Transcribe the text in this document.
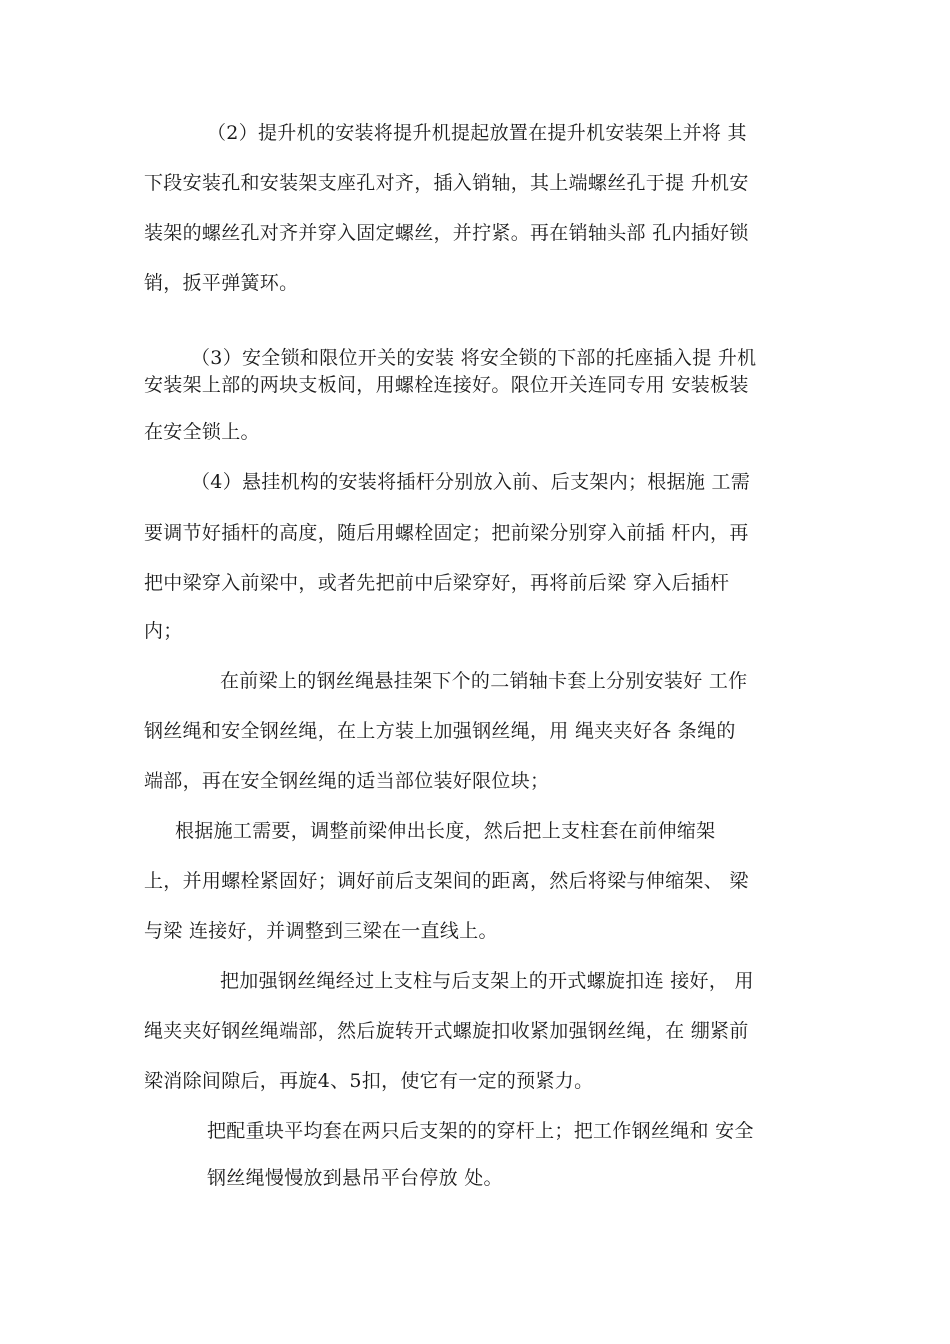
（2）提升机的安装将提升机提起放置在提升机安装架上并将 其
下段安装孔和安装架支座孔对齐，插入销轴，其上端螺丝孔于提 升机安
装架的螺丝孔对齐并穿入固定螺丝，并拧紧。再在销轴头部 孔内插好锁
销，扳平弹簧环。
（3）安全锁和限位开关的安装 将安全锁的下部的托座插入提 升机
安装架上部的两块支板间，用螺栓连接好。限位开关连同专用 安装板装
在安全锁上。
（4）悬挂机构的安装将插杆分别放入前、后支架内；根据施 工需
要调节好插杆的高度，随后用螺栓固定；把前梁分别穿入前插 杆内，再
把中梁穿入前梁中，或者先把前中后梁穿好，再将前后梁 穿入后插杆
内；
在前梁上的钢丝绳悬挂架下个的二销轴卡套上分别安装好 工作
钢丝绳和安全钢丝绳，在上方装上加强钢丝绳，用 绳夹夹好各 条绳的
端部，再在安全钢丝绳的适当部位装好限位块；
根据施工需要，调整前梁伸出长度，然后把上支柱套在前伸缩架
上，并用螺栓紧固好；调好前后支架间的距离，然后将梁与伸缩架、 梁
与梁 连接好，并调整到三梁在一直线上。
把加强钢丝绳经过上支柱与后支架上的开式螺旋扣连 接好， 用
绳夹夹好钢丝绳端部，然后旋转开式螺旋扣收紧加强钢丝绳，在 绷紧前
梁消除间隙后，再旋4、5扣，使它有一定的预紧力。
把配重块平均套在两只后支架的的穿杆上；把工作钢丝绳和 安全
钢丝绳慢慢放到悬吊平台停放 处。
